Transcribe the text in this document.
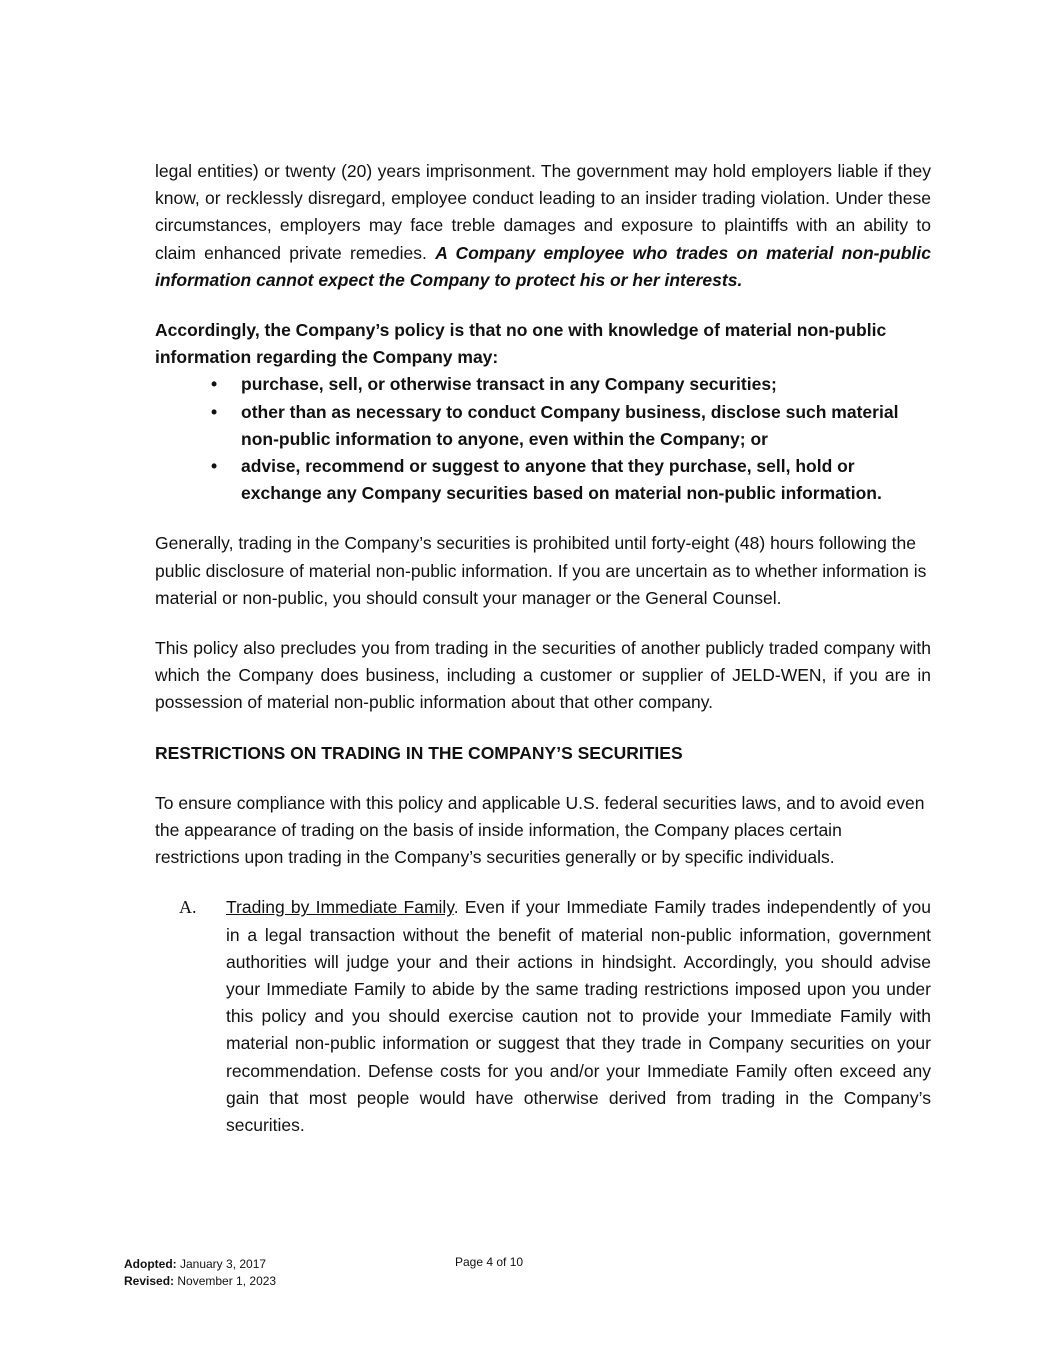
legal entities) or twenty (20) years imprisonment. The government may hold employers liable if they know, or recklessly disregard, employee conduct leading to an insider trading violation. Under these circumstances, employers may face treble damages and exposure to plaintiffs with an ability to claim enhanced private remedies. A Company employee who trades on material non-public information cannot expect the Company to protect his or her interests.

Accordingly, the Company’s policy is that no one with knowledge of material non-public information regarding the Company may:

• purchase, sell, or otherwise transact in any Company securities;
• other than as necessary to conduct Company business, disclose such material non-public information to anyone, even within the Company; or
• advise, recommend or suggest to anyone that they purchase, sell, hold or exchange any Company securities based on material non-public information.

Generally, trading in the Company’s securities is prohibited until forty-eight (48) hours following the public disclosure of material non-public information. If you are uncertain as to whether information is material or non-public, you should consult your manager or the General Counsel.

This policy also precludes you from trading in the securities of another publicly traded company with which the Company does business, including a customer or supplier of JELD-WEN, if you are in possession of material non-public information about that other company.

RESTRICTIONS ON TRADING IN THE COMPANY’S SECURITIES

To ensure compliance with this policy and applicable U.S. federal securities laws, and to avoid even the appearance of trading on the basis of inside information, the Company places certain restrictions upon trading in the Company’s securities generally or by specific individuals.

A. Trading by Immediate Family. Even if your Immediate Family trades independently of you in a legal transaction without the benefit of material non-public information, government authorities will judge your and their actions in hindsight. Accordingly, you should advise your Immediate Family to abide by the same trading restrictions imposed upon you under this policy and you should exercise caution not to provide your Immediate Family with material non-public information or suggest that they trade in Company securities on your recommendation. Defense costs for you and/or your Immediate Family often exceed any gain that most people would have otherwise derived from trading in the Company’s securities.
Adopted: January 3, 2017
Revised: November 1, 2023
Page 4 of 10
